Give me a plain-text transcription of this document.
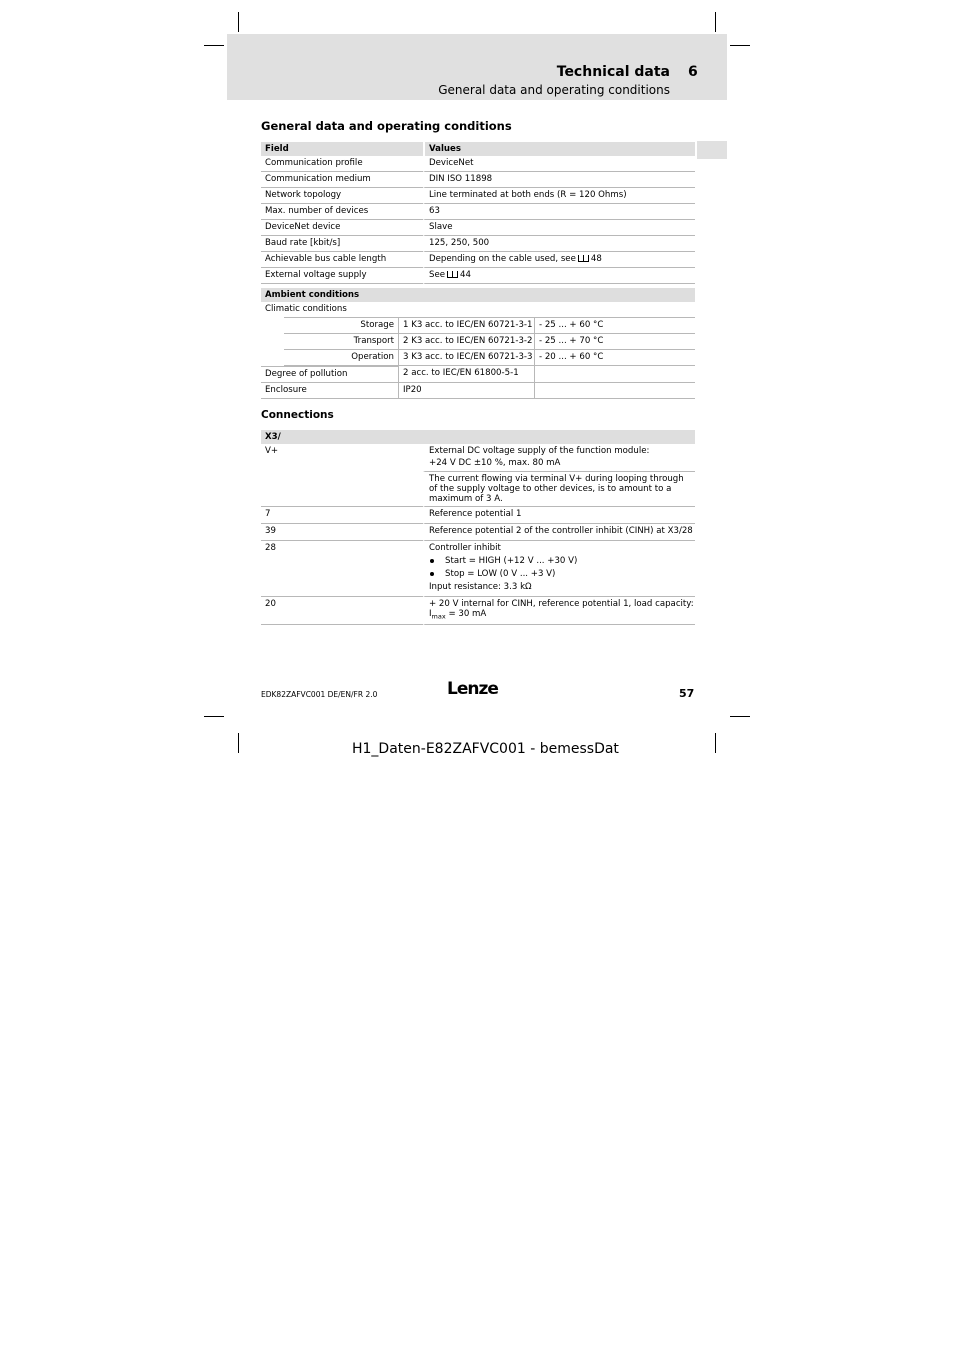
Technical data 6
General data and operating conditions
General data and operating conditions
Field	Values
Communication profile	DeviceNet
Communication medium	DIN ISO 11898
Network topology	Line terminated at both ends (R = 120 Ohms)
Max. number of devices	63
DeviceNet device	Slave
Baud rate [kbit/s]	125, 250, 500
Achievable bus cable length	Depending on the cable used, see 48
External voltage supply	See 44
Ambient conditions			
Climatic conditions			
	Storage	1 K3 acc. to IEC/EN 60721-3-1	- 25 ... + 60 °C
	Transport	2 K3 acc. to IEC/EN 60721-3-2	- 25 ... + 70 °C
	Operation	3 K3 acc. to IEC/EN 60721-3-3	- 20 ... + 60 °C
Degree of pollution		2 acc. to IEC/EN 61800-5-1	
Enclosure		IP20	
Connections
X3/	
V+	External DC voltage supply of the function module:
+24 V DC ±10 %, max. 80 mA

	The current flowing via terminal V+ during looping through of the supply voltage to other devices, is to amount to a maximum of 3 A.
7	Reference potential 1
39	Reference potential 2 of the controller inhibit (CINH) at X3/28
28	Controller inhibit
Start = HIGH (+12 V ... +30 V)
Stop = LOW (0 V ... +3 V)
Input resistance: 3.3 kΩ

20	+ 20 V internal for CINH, reference potential 1, load capacity:
$I_{max} = 30$ mA
EDK82ZAFVC001 DE/EN/FR 2.0	Lenze	57
H1_Daten-E82ZAFVC001 - bemessDat
